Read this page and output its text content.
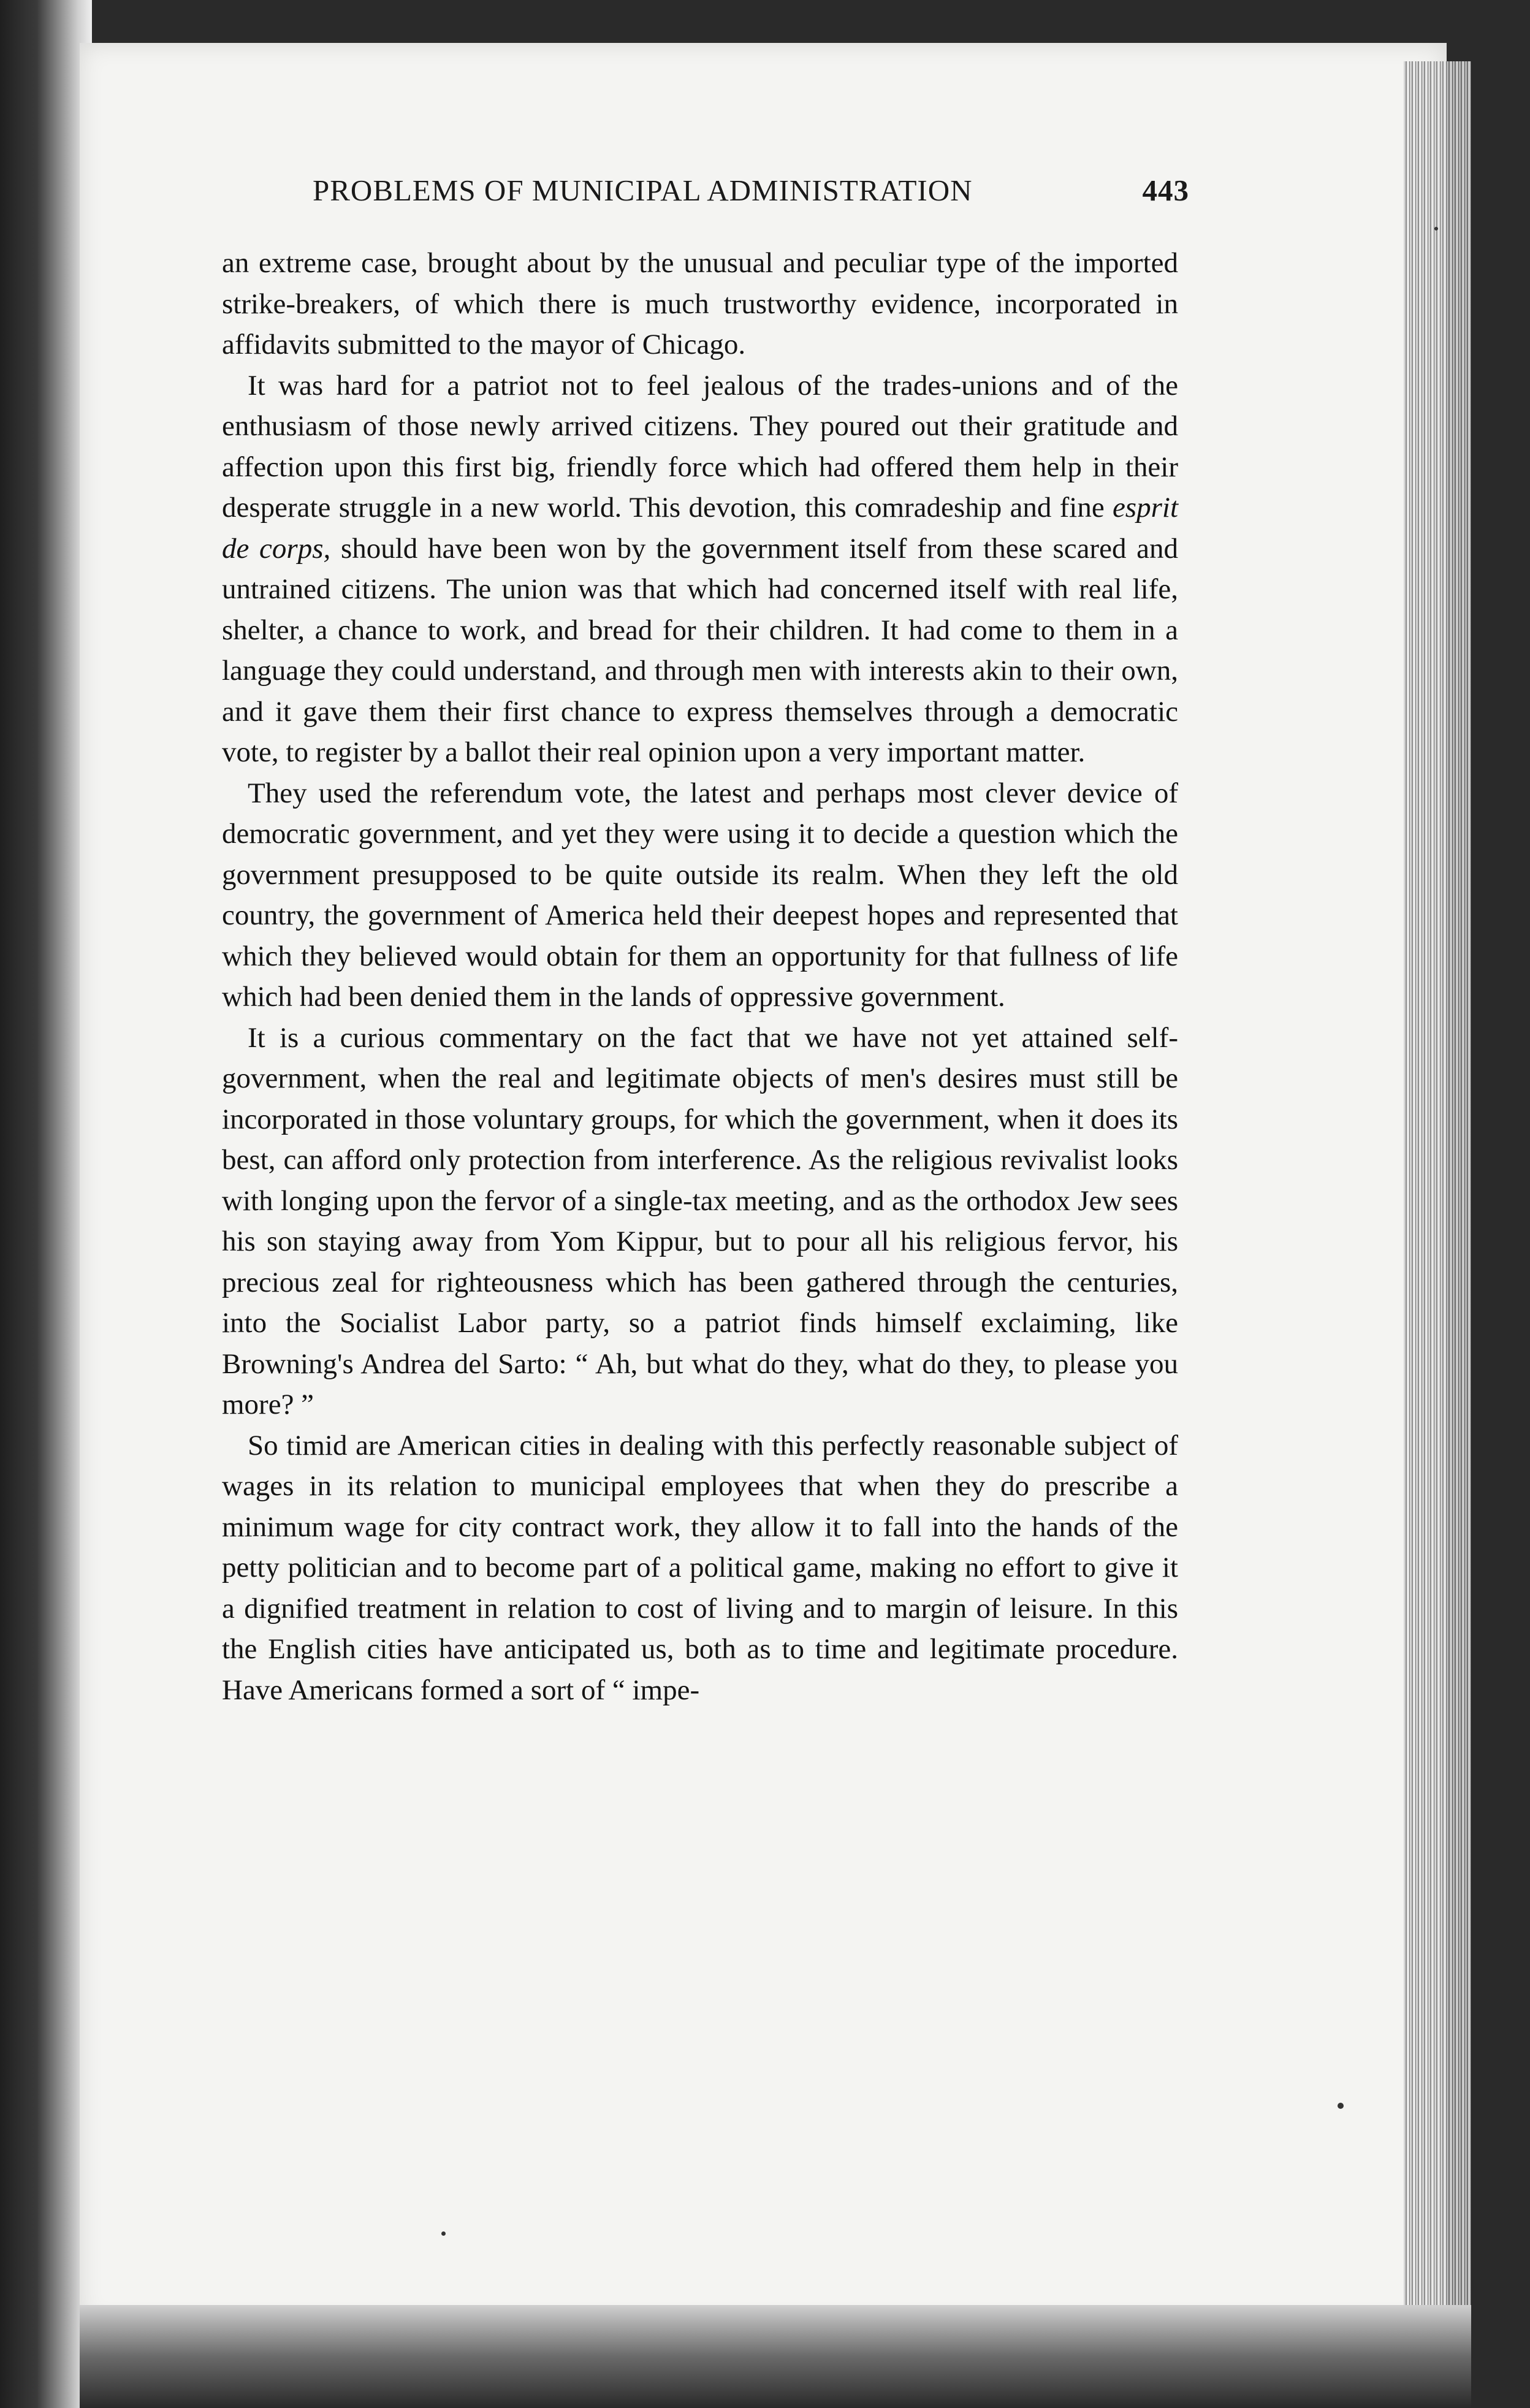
PROBLEMS OF MUNICIPAL ADMINISTRATION	443

an extreme case, brought about by the unusual and peculiar type of the imported strike-breakers, of which there is much trustworthy evidence, incorporated in affidavits submitted to the mayor of Chicago.

It was hard for a patriot not to feel jealous of the trades-unions and of the enthusiasm of those newly arrived citizens. They poured out their gratitude and affection upon this first big, friendly force which had offered them help in their desperate struggle in a new world. This devotion, this comradeship and fine esprit de corps, should have been won by the government itself from these scared and untrained citizens. The union was that which had concerned itself with real life, shelter, a chance to work, and bread for their children. It had come to them in a language they could understand, and through men with interests akin to their own, and it gave them their first chance to express themselves through a democratic vote, to register by a ballot their real opinion upon a very important matter.

They used the referendum vote, the latest and perhaps most clever device of democratic government, and yet they were using it to decide a question which the government presupposed to be quite outside its realm. When they left the old country, the government of America held their deepest hopes and represented that which they believed would obtain for them an opportunity for that fullness of life which had been denied them in the lands of oppressive government.

It is a curious commentary on the fact that we have not yet attained self-government, when the real and legitimate objects of men's desires must still be incorporated in those voluntary groups, for which the government, when it does its best, can afford only protection from interference. As the religious revivalist looks with longing upon the fervor of a single-tax meeting, and as the orthodox Jew sees his son staying away from Yom Kippur, but to pour all his religious fervor, his precious zeal for righteousness which has been gathered through the centuries, into the Socialist Labor party, so a patriot finds himself exclaiming, like Browning's Andrea del Sarto: “ Ah, but what do they, what do they, to please you more? ”

So timid are American cities in dealing with this perfectly reasonable subject of wages in its relation to municipal employees that when they do prescribe a minimum wage for city contract work, they allow it to fall into the hands of the petty politician and to become part of a political game, making no effort to give it a dignified treatment in relation to cost of living and to margin of leisure. In this the English cities have anticipated us, both as to time and legitimate procedure. Have Americans formed a sort of “ impe-
